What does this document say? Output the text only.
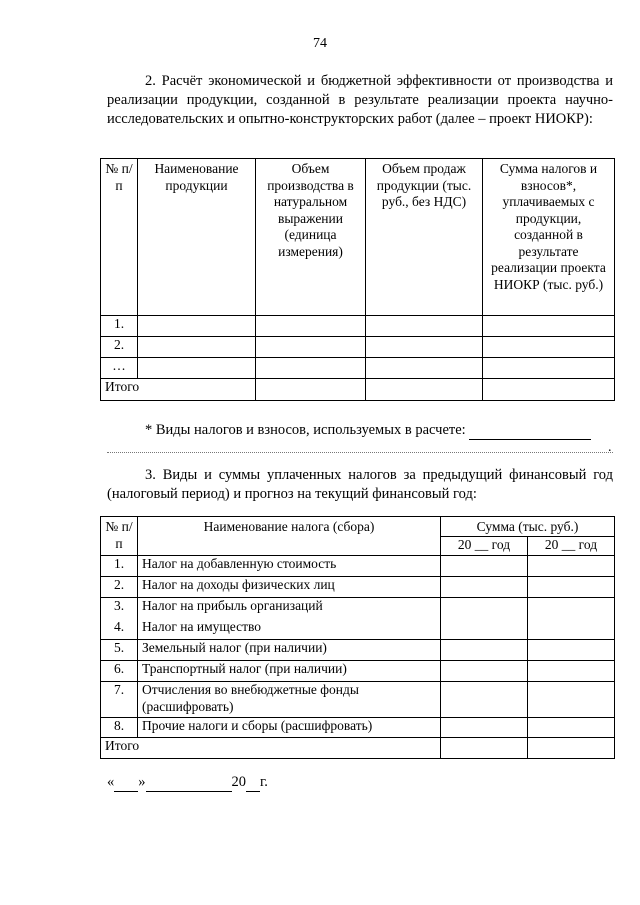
74
2. Расчёт экономической и бюджетной эффективности от производства и реализации продукции, созданной в результате реализации проекта научно-исследовательских и опытно-конструкторских работ (далее – проект НИОКР):
№ п/п	Наименование продукции	Объем производства в натуральном выражении (единица измерения)	Объем продаж продукции (тыс. руб., без НДС)	Сумма налогов и взносов*, уплачиваемых с продукции, созданной в результате реализации проекта НИОКР (тыс. руб.)
1.				
2.				
…				
Итого				
* Виды налогов и взносов, используемых в расчете:
.
3. Виды и суммы уплаченных налогов за предыдущий финансовый год (налоговый период) и прогноз на текущий финансовый год:
№ п/п	Наименование налога (сбора)	Сумма (тыс. руб.)	
		20 __ год	20 __ год
1.	Налог на добавленную стоимость		
2.	Налог на доходы физических лиц		
3.	Налог на прибыль организаций		
4.	Налог на имущество		
5.	Земельный налог (при наличии)		
6.	Транспортный налог (при наличии)		
7.	Отчисления во внебюджетные фонды (расшифровать)		
8.	Прочие налоги и сборы (расшифровать)		
Итого			
« »	20 г.
